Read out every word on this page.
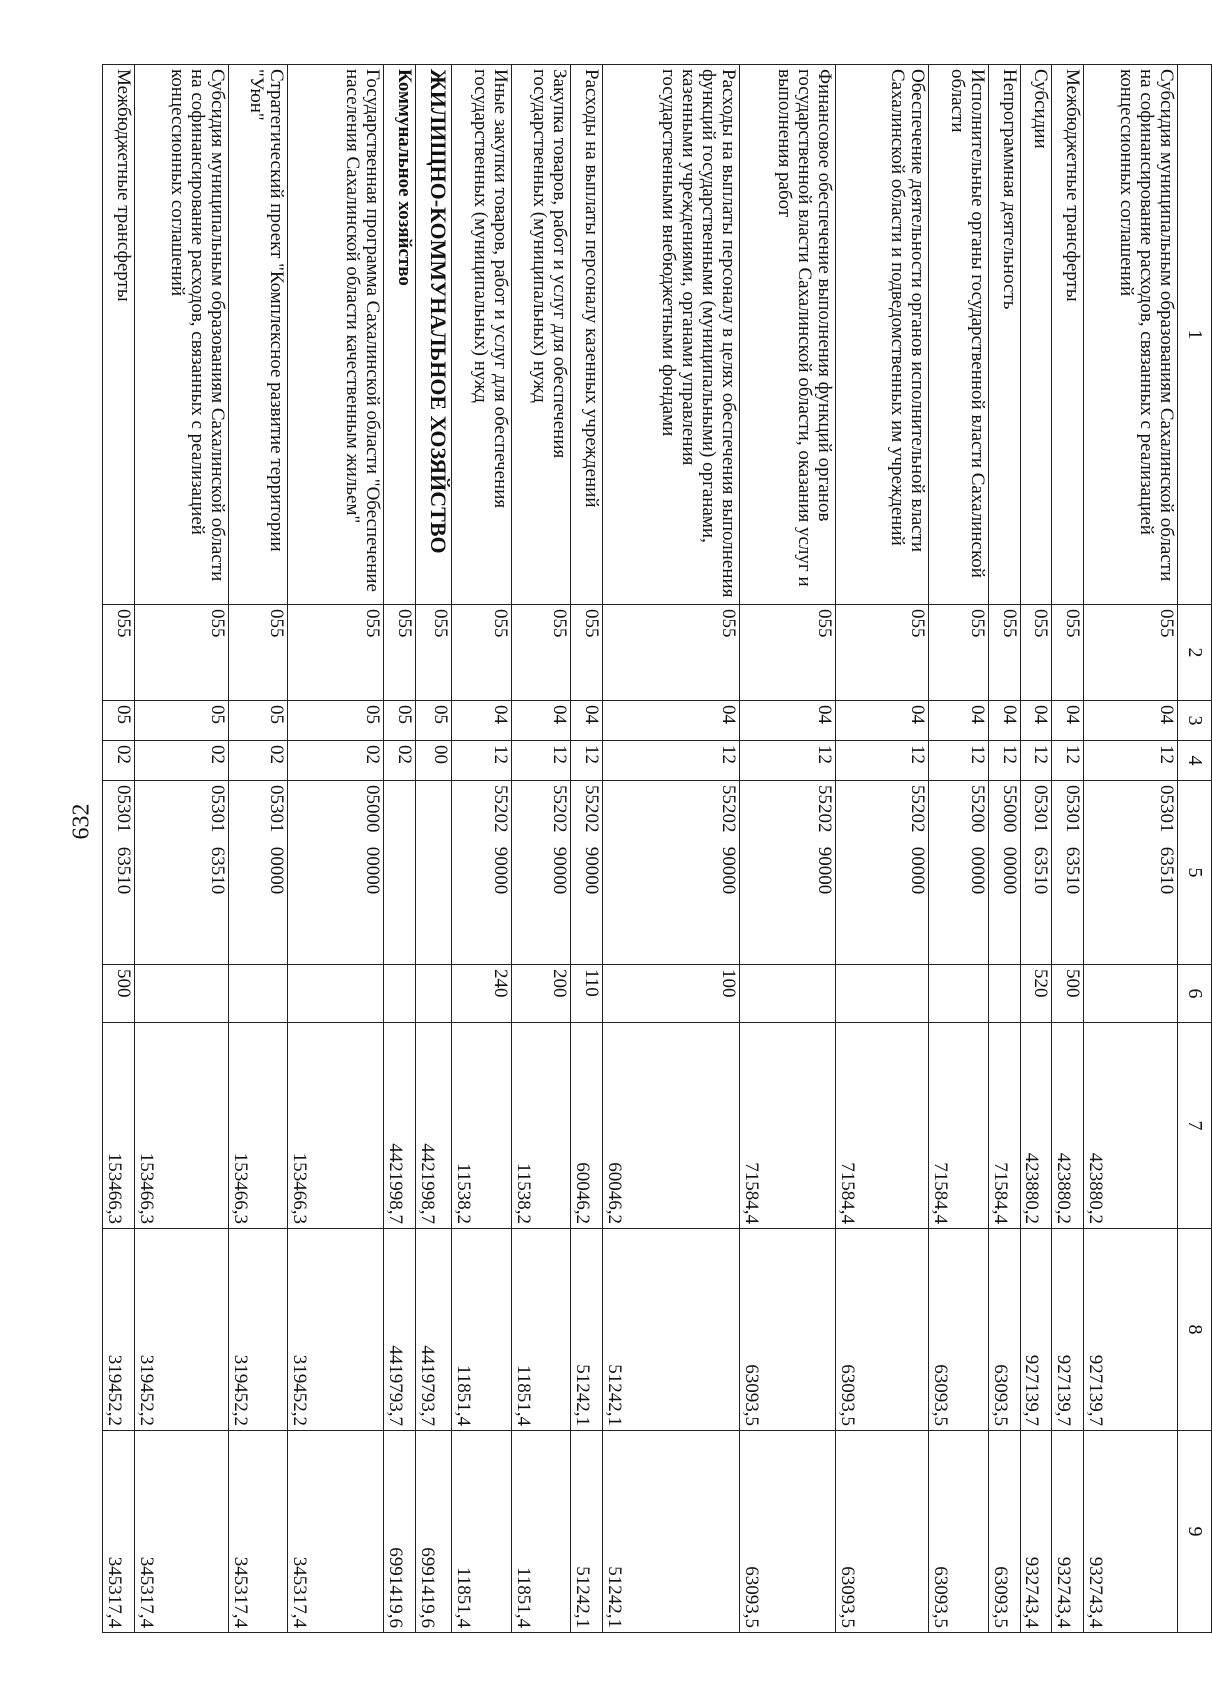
632
1	2	3	4	5	6	7	8	9
Субсидия муниципальным образованиям Сахалинской области на софинансирование расходов, связанных с реализацией концессионных соглашений	055	04	12	05301   63510		423880,2	927139,7	932743,4
Межбюджетные трансферты	055	04	12	05301   63510	500	423880,2	927139,7	932743,4
Субсидии	055	04	12	05301   63510	520	423880,2	927139,7	932743,4
Непрограммная деятельность	055	04	12	55000   00000		71584,4	63093,5	63093,5
Исполнительные органы государственной власти Сахалинской области	055	04	12	55200   00000		71584,4	63093,5	63093,5
Обеспечение деятельности органов исполнительной власти Сахалинской области и подведомственных им учреждений	055	04	12	55202   00000		71584,4	63093,5	63093,5
Финансовое обеспечение выполнения функций органов государственной власти Сахалинской области, оказания услуг и выполнения работ	055	04	12	55202   90000		71584,4	63093,5	63093,5
Расходы на выплаты персоналу в целях обеспечения выполнения функций государственными (муниципальными) органами, казенными учреждениями, органами управления государственными внебюджетными фондами	055	04	12	55202   90000	100	60046,2	51242,1	51242,1
Расходы на выплаты персоналу казенных учреждений	055	04	12	55202   90000	110	60046,2	51242,1	51242,1
Закупка товаров, работ и услуг для обеспечения государственных (муниципальных) нужд	055	04	12	55202   90000	200	11538,2	11851,4	11851,4
Иные закупки товаров, работ и услуг для обеспечения государственных (муниципальных) нужд	055	04	12	55202   90000	240	11538,2	11851,4	11851,4
ЖИЛИЩНО-КОММУНАЛЬНОЕ ХОЗЯЙСТВО	055	05	00			4421998,7	4419793,7	6991419,6
Коммунальное хозяйство	055	05	02			4421998,7	4419793,7	6991419,6
Государственная программа Сахалинской области "Обеспечение населения Сахалинской области качественным жильем"	055	05	02	05000   00000		153466,3	319452,2	345317,4
Стратегический проект "Комплексное развитие территории "Уюн"	055	05	02	05301   00000		153466,3	319452,2	345317,4
Субсидия муниципальным образованиям Сахалинской области на софинансирование расходов, связанных с реализацией концессионных соглашений	055	05	02	05301   63510		153466,3	319452,2	345317,4
Межбюджетные трансферты	055	05	02	05301   63510	500	153466,3	319452,2	345317,4
